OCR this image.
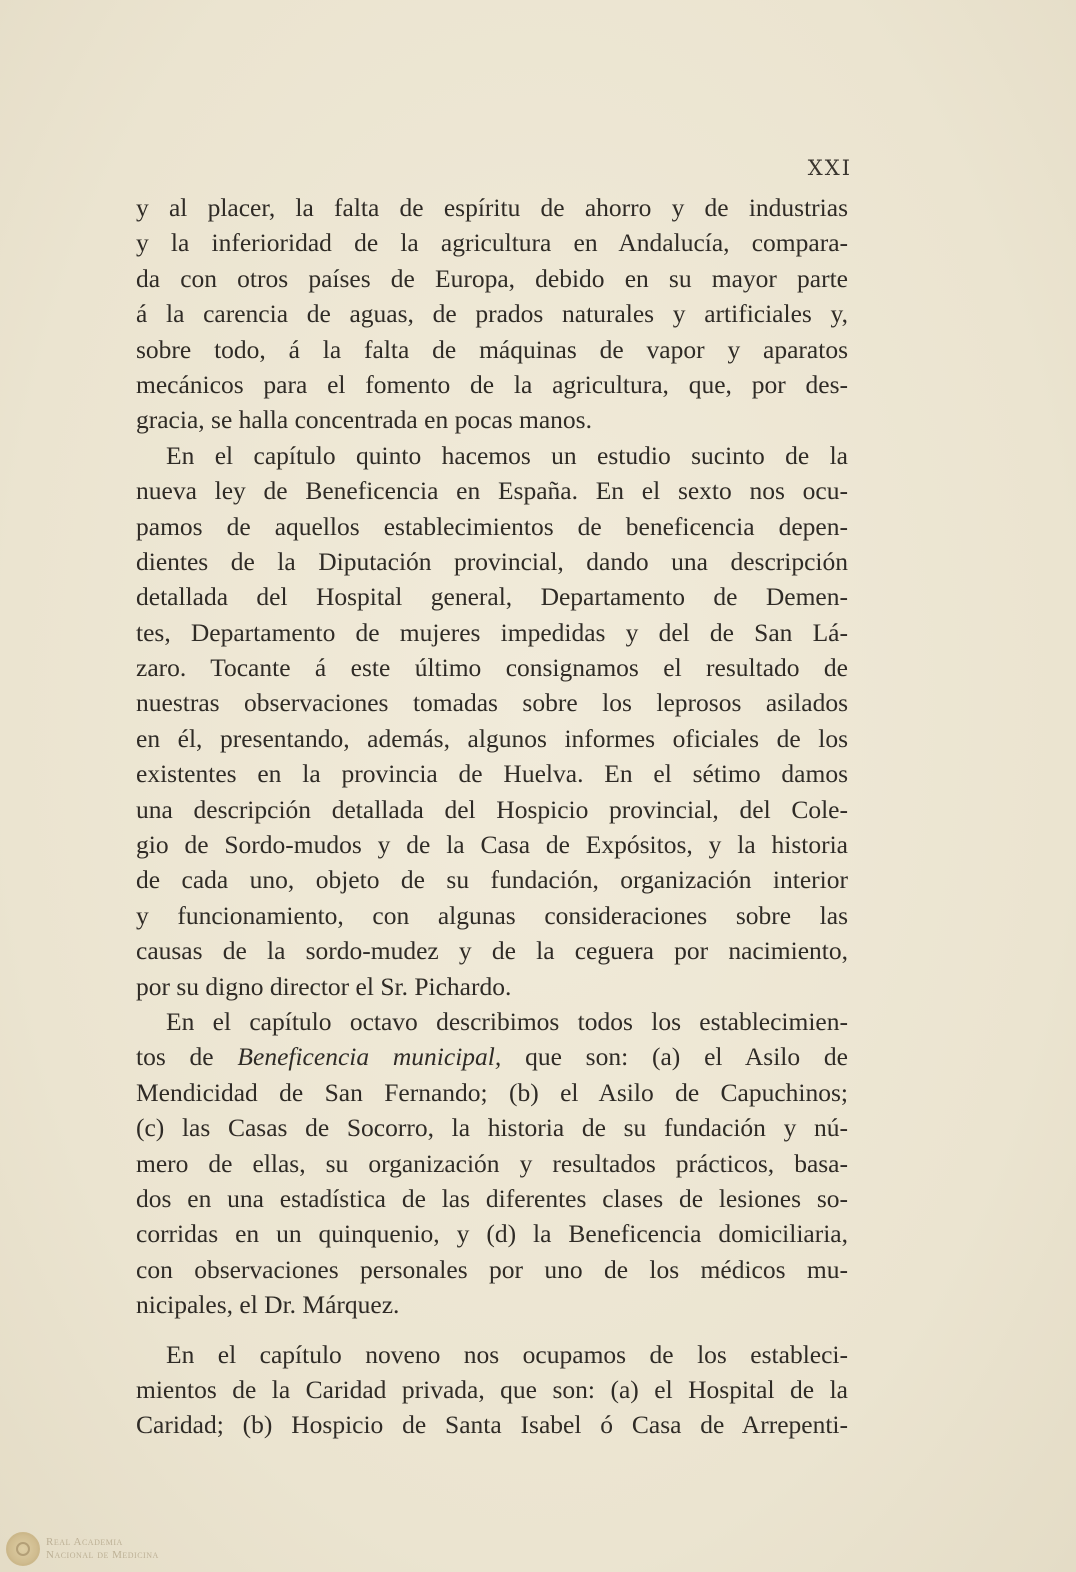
XXI
y al placer, la falta de espíritu de ahorro y de industrias
y la inferioridad de la agricultura en Andalucía, compara-
da con otros países de Europa, debido en su mayor parte
á la carencia de aguas, de prados naturales y artificiales y,
sobre todo, á la falta de máquinas de vapor y aparatos
mecánicos para el fomento de la agricultura, que, por des-
gracia, se halla concentrada en pocas manos.
En el capítulo quinto hacemos un estudio sucinto de la
nueva ley de Beneficencia en España. En el sexto nos ocu-
pamos de aquellos establecimientos de beneficencia depen-
dientes de la Diputación provincial, dando una descripción
detallada del Hospital general, Departamento de Demen-
tes, Departamento de mujeres impedidas y del de San Lá-
zaro. Tocante á este último consignamos el resultado de
nuestras observaciones tomadas sobre los leprosos asilados
en él, presentando, además, algunos informes oficiales de los
existentes en la provincia de Huelva. En el sétimo damos
una descripción detallada del Hospicio provincial, del Cole-
gio de Sordo-mudos y de la Casa de Expósitos, y la historia
de cada uno, objeto de su fundación, organización interior
y funcionamiento, con algunas consideraciones sobre las
causas de la sordo-mudez y de la ceguera por nacimiento,
por su digno director el Sr. Pichardo.
En el capítulo octavo describimos todos los establecimien-
tos de Beneficencia municipal, que son: (a) el Asilo de
Mendicidad de San Fernando; (b) el Asilo de Capuchinos;
(c) las Casas de Socorro, la historia de su fundación y nú-
mero de ellas, su organización y resultados prácticos, basa-
dos en una estadística de las diferentes clases de lesiones so-
corridas en un quinquenio, y (d) la Beneficencia domiciliaria,
con observaciones personales por uno de los médicos mu-
nicipales, el Dr. Márquez.
En el capítulo noveno nos ocupamos de los estableci-
mientos de la Caridad privada, que son: (a) el Hospital de la
Caridad; (b) Hospicio de Santa Isabel ó Casa de Arrepenti-
Real Academia
Nacional de Medicina
